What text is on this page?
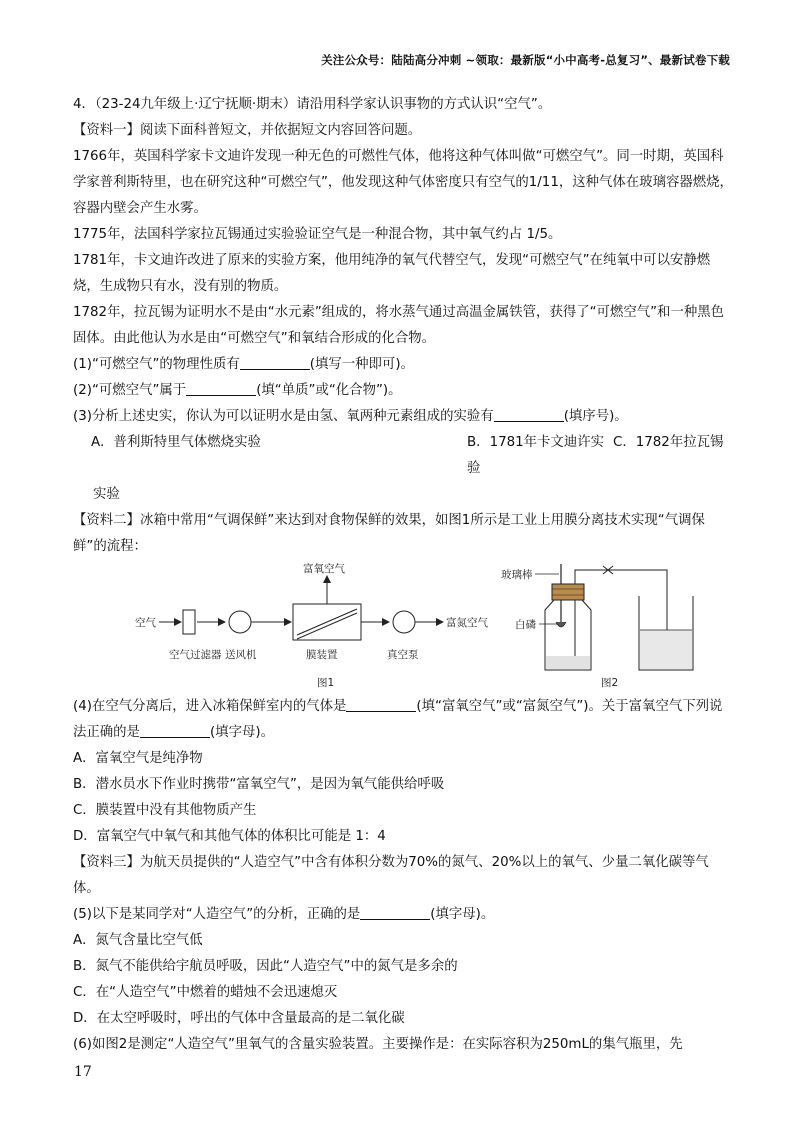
关注公众号：陆陆高分冲刺 ~领取：最新版“小中高考-总复习”、最新试卷下载

4．（23-24九年级上·辽宁抚顺·期末）请沿用科学家认识事物的方式认识“空气”。

【资料一】阅读下面科普短文，并依据短文内容回答问题。

1766年，英国科学家卡文迪许发现一种无色的可燃性气体，他将这种气体叫做“可燃空气”。同一时期，英国科学家普利斯特里，也在研究这种“可燃空气”，他发现这种气体密度只有空气的1/11，这种气体在玻璃容器燃烧，容器内壁会产生水雾。

1775年，法国科学家拉瓦锡通过实验验证空气是一种混合物，其中氧气约占 1/5。

1781年，卡文迪许改进了原来的实验方案，他用纯净的氧气代替空气，发现“可燃空气”在纯氧中可以安静燃烧，生成物只有水，没有别的物质。

1782年，拉瓦锡为证明水不是由“水元素”组成的，将水蒸气通过高温金属铁管，获得了“可燃空气”和一种黑色固体。由此他认为水是由“可燃空气”和氧结合形成的化合物。

(1)“可燃空气”的物理性质有	(填写一种即可)。

(2)“可燃空气”属于	(填“单质”或“化合物”)。

(3)分析上述史实，你认为可以证明水是由氢、氧两种元素组成的实验有	(填序号)。

A．普利斯特里气体燃烧实验	B．1781年卡文迪许实验
C．1782年拉瓦锡

实验

【资料二】冰箱中常用“气调保鲜”来达到对食物保鲜的效果，如图1所示是工业上用膜分离技术实现“气调保鲜”的流程：

空气
富氧空气
富氮空气
空气过滤器 送风机	膜装置	真空泵
图1
玻璃棒
白磷
图2

(4)在空气分离后，进入冰箱保鲜室内的气体是	(填“富氧空气”或“富氮空气”)。关于富氧空气下列说法正确的是	(填字母)。

A．富氧空气是纯净物

B．潜水员水下作业时携带“富氧空气”，是因为氧气能供给呼吸

C．膜装置中没有其他物质产生

D．富氧空气中氧气和其他气体的体积比可能是 1：4

【资料三】为航天员提供的“人造空气”中含有体积分数为70%的氮气、20%以上的氧气、少量二氧化碳等气体。

(5)以下是某同学对“人造空气”的分析，正确的是	(填字母)。

A．氮气含量比空气低

B．氮气不能供给宇航员呼吸，因此“人造空气”中的氮气是多余的

C．在“人造空气”中燃着的蜡烛不会迅速熄灭

D．在太空呼吸时，呼出的气体中含量最高的是二氧化碳

(6)如图2是测定“人造空气”里氧气的含量实验装置。主要操作是：在实际容积为250mL的集气瓶里，先

17
